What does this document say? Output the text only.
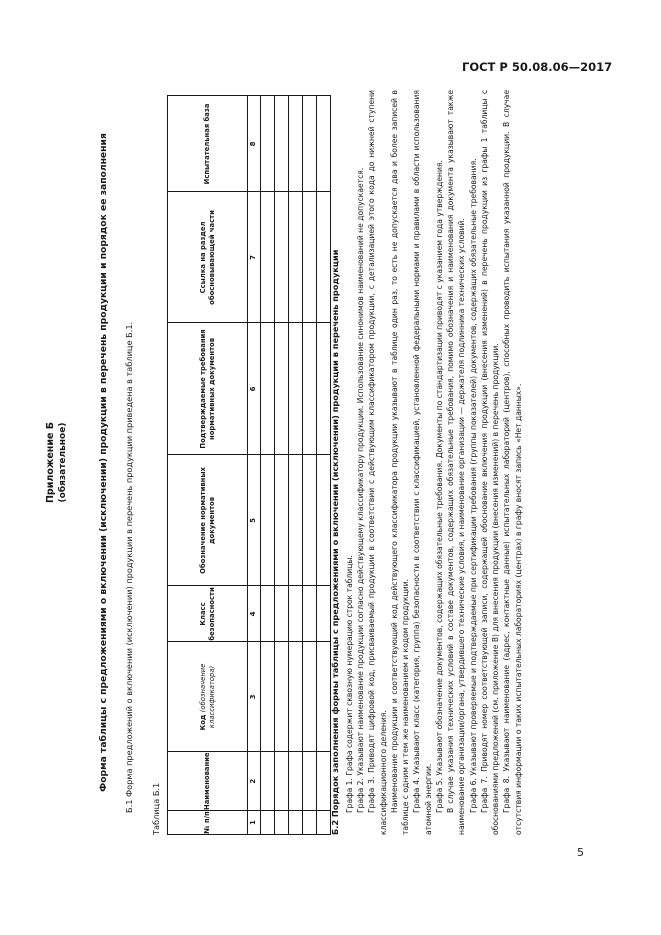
ГОСТ Р 50.08.06—2017
Приложение Б (обязательное)	Форма таблицы с предложениями о включении (исключении) продукции в перечень продукции и порядок ее заполнения Б.1 Форма предложений о включении (исключении) продукции в перечень продукции приведена в таблице Б.1. Таблица Б.1	№ п/п	Наименование	Код (обозначение классификатора)	Класс безопасности	Обозначение нормативных документов	Подтверждаемые требования нормативных документов	Ссылка на раздел обосновывающей части	Испытательная база
1	2	3	4	5	6	7	8

Б.2 Порядок заполнения формы таблицы с предложениями о включении (исключении) продукции в перечень продукции Графа 1. Графа содержит сквозную нумерацию строк таблицы. Графа 2. Указывают наименование продукции согласно действующему классификатору продукции. Использование синонимов наименований не допускается. Графа 3. Приводят цифровой код, присваиваемый продукции в соответствии с действующим классификатором продукции, с детализацией этого кода до нижней ступени классификационного деления. Наименование продукции и соответствующий код действующего классификатора продукции указывают в таблице один раз, то есть не допускается два и более записей в таблице с одним и тем же наименованием и кодом продукции. Графа 4. Указывают класс (категория, группа) безопасности в соответствии с классификацией, установленной федеральными нормами и правилами в области использования атомной энергии. Графа 5. Указывают обозначение документов, содержащих обязательные требования. Документы по стандартизации приводят с указанием года утверждения. В случае указания технических условий в составе документов, содержащих обязательные требования, помимо обозначения и наименования документа указывают также наименование организации/органа, утвердившего технические условия, и наименование организации — держателя подлинника технических условий. Графа 6. Указывают проверяемые и подтверждаемые при сертификации требования (группы показателей) документов, содержащих обязательные требования. Графа 7. Приводят номер соответствующей записи, содержащей обоснование включения продукции (внесения изменений) в перечень продукции из графы 1 таблицы с обоснованиями предложений (см. приложение В) для внесения продукции (внесения изменений) в перечень продукции. Графа 8. Указывают наименование (адрес, контактные данные) испытательных лабораторий (центров), способных проводить испытания указанной продукции. В случае отсутствия информации о таких испытательных лабораториях (центрах) в графу вносят запись «Нет данных».

5
